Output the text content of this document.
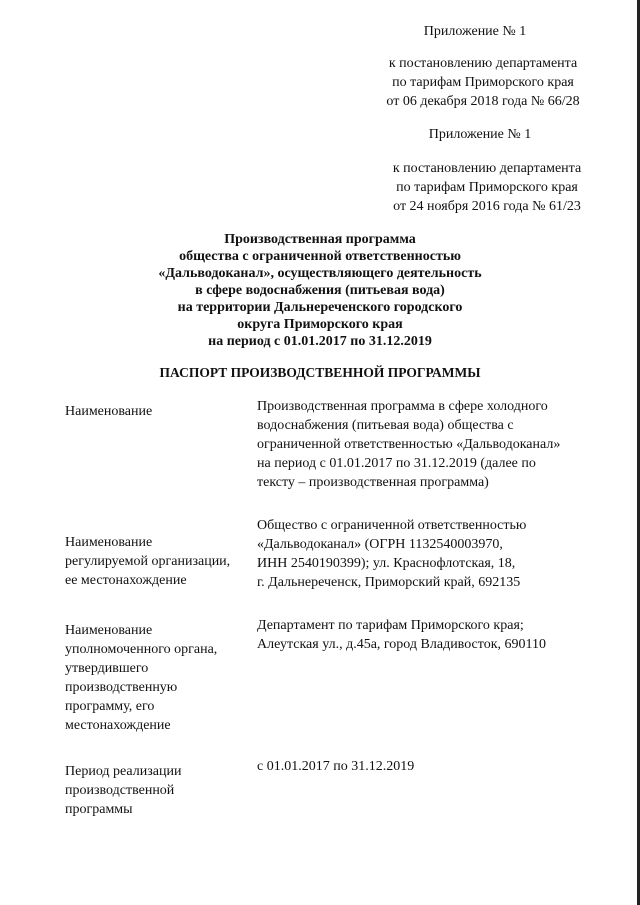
Приложение № 1
к постановлению департамента
по тарифам Приморского края
от 06 декабря 2018 года № 66/28
Приложение № 1
к постановлению департамента
по тарифам Приморского края
от 24 ноября 2016 года № 61/23
Производственная программа
общества с ограниченной ответственностью
«Дальводоканал», осуществляющего деятельность
в сфере водоснабжения (питьевая вода)
на территории Дальнереченского городского
округа Приморского края
на период с 01.01.2017 по 31.12.2019
ПАСПОРТ ПРОИЗВОДСТВЕННОЙ ПРОГРАММЫ
Наименование	Производственная программа в сфере холодного
водоснабжения (питьевая вода) общества с
ограниченной ответственностью «Дальводоканал»
на период с 01.01.2017 по 31.12.2019 (далее по
тексту – производственная программа)
Наименование
регулируемой организации,
ее местонахождение
Общество с ограниченной ответственностью
«Дальводоканал» (ОГРН 1132540003970,
ИНН 2540190399); ул. Краснофлотская, 18,
г. Дальнереченск, Приморский край, 692135
Наименование
уполномоченного органа,
утвердившего
производственную
программу, его
местонахождение
Департамент по тарифам Приморского края;
Алеутская ул., д.45а, город Владивосток, 690110
Период реализации
производственной
программы
с 01.01.2017 по 31.12.2019
